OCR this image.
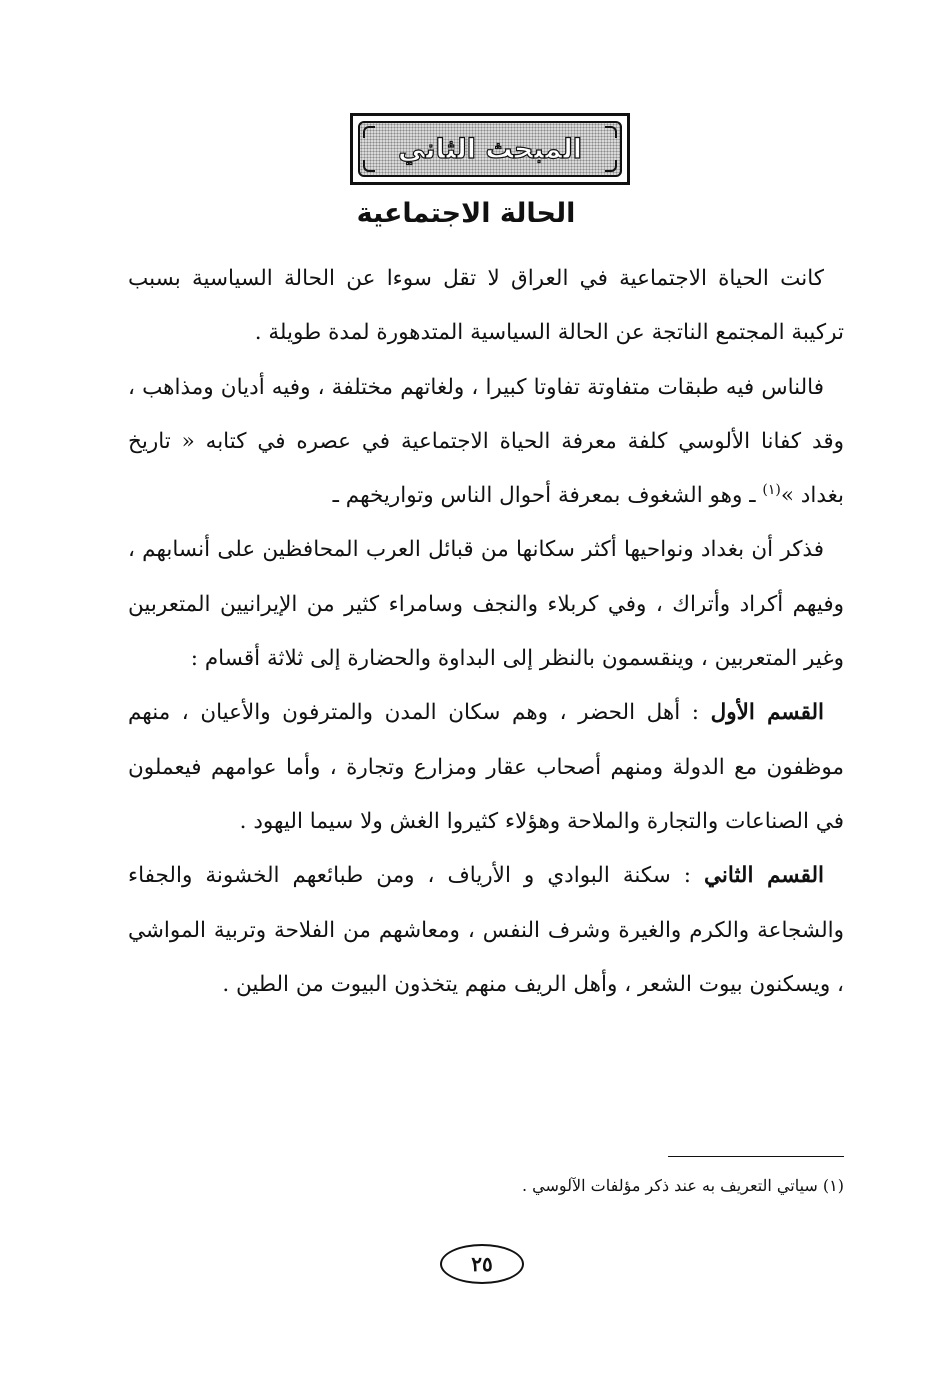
المبحث الثاني
الحالة الاجتماعية

كانت الحياة الاجتماعية في العراق لا تقل سوءا عن الحالة السياسية بسبب تركيبة المجتمع الناتجة عن الحالة السياسية المتدهورة لمدة طويلة .

فالناس فيه طبقات متفاوتة تفاوتا كبيرا ، ولغاتهم مختلفة ، وفيه أديان ومذاهب ، وقد كفانا الألوسي كلفة معرفة الحياة الاجتماعية في عصره في كتابه « تاريخ بغداد »$^{(١)}$ ـ وهو الشغوف بمعرفة أحوال الناس وتواريخهم ـ

فذكر أن بغداد ونواحيها أكثر سكانها من قبائل العرب المحافظين على أنسابهم ، وفيهم أكراد وأتراك ، وفي كربلاء والنجف وسامراء كثير من الإيرانيين المتعربين وغير المتعربين ، وينقسمون بالنظر إلى البداوة والحضارة إلى ثلاثة أقسام :

القسم الأول : أهل الحضر ، وهم سكان المدن والمترفون والأعيان ، منهم موظفون مع الدولة ومنهم أصحاب عقار ومزارع وتجارة ، وأما عوامهم فيعملون في الصناعات والتجارة والملاحة وهؤلاء كثيروا الغش ولا سيما اليهود .

القسم الثاني : سكنة البوادي و الأرياف ، ومن طبائعهم الخشونة والجفاء والشجاعة والكرم والغيرة وشرف النفس ، ومعاشهم من الفلاحة وتربية المواشي ، ويسكنون بيوت الشعر ، وأهل الريف منهم يتخذون البيوت من الطين .

(١) سياتي التعريف به عند ذكر مؤلفات الآلوسي .
٢٥
